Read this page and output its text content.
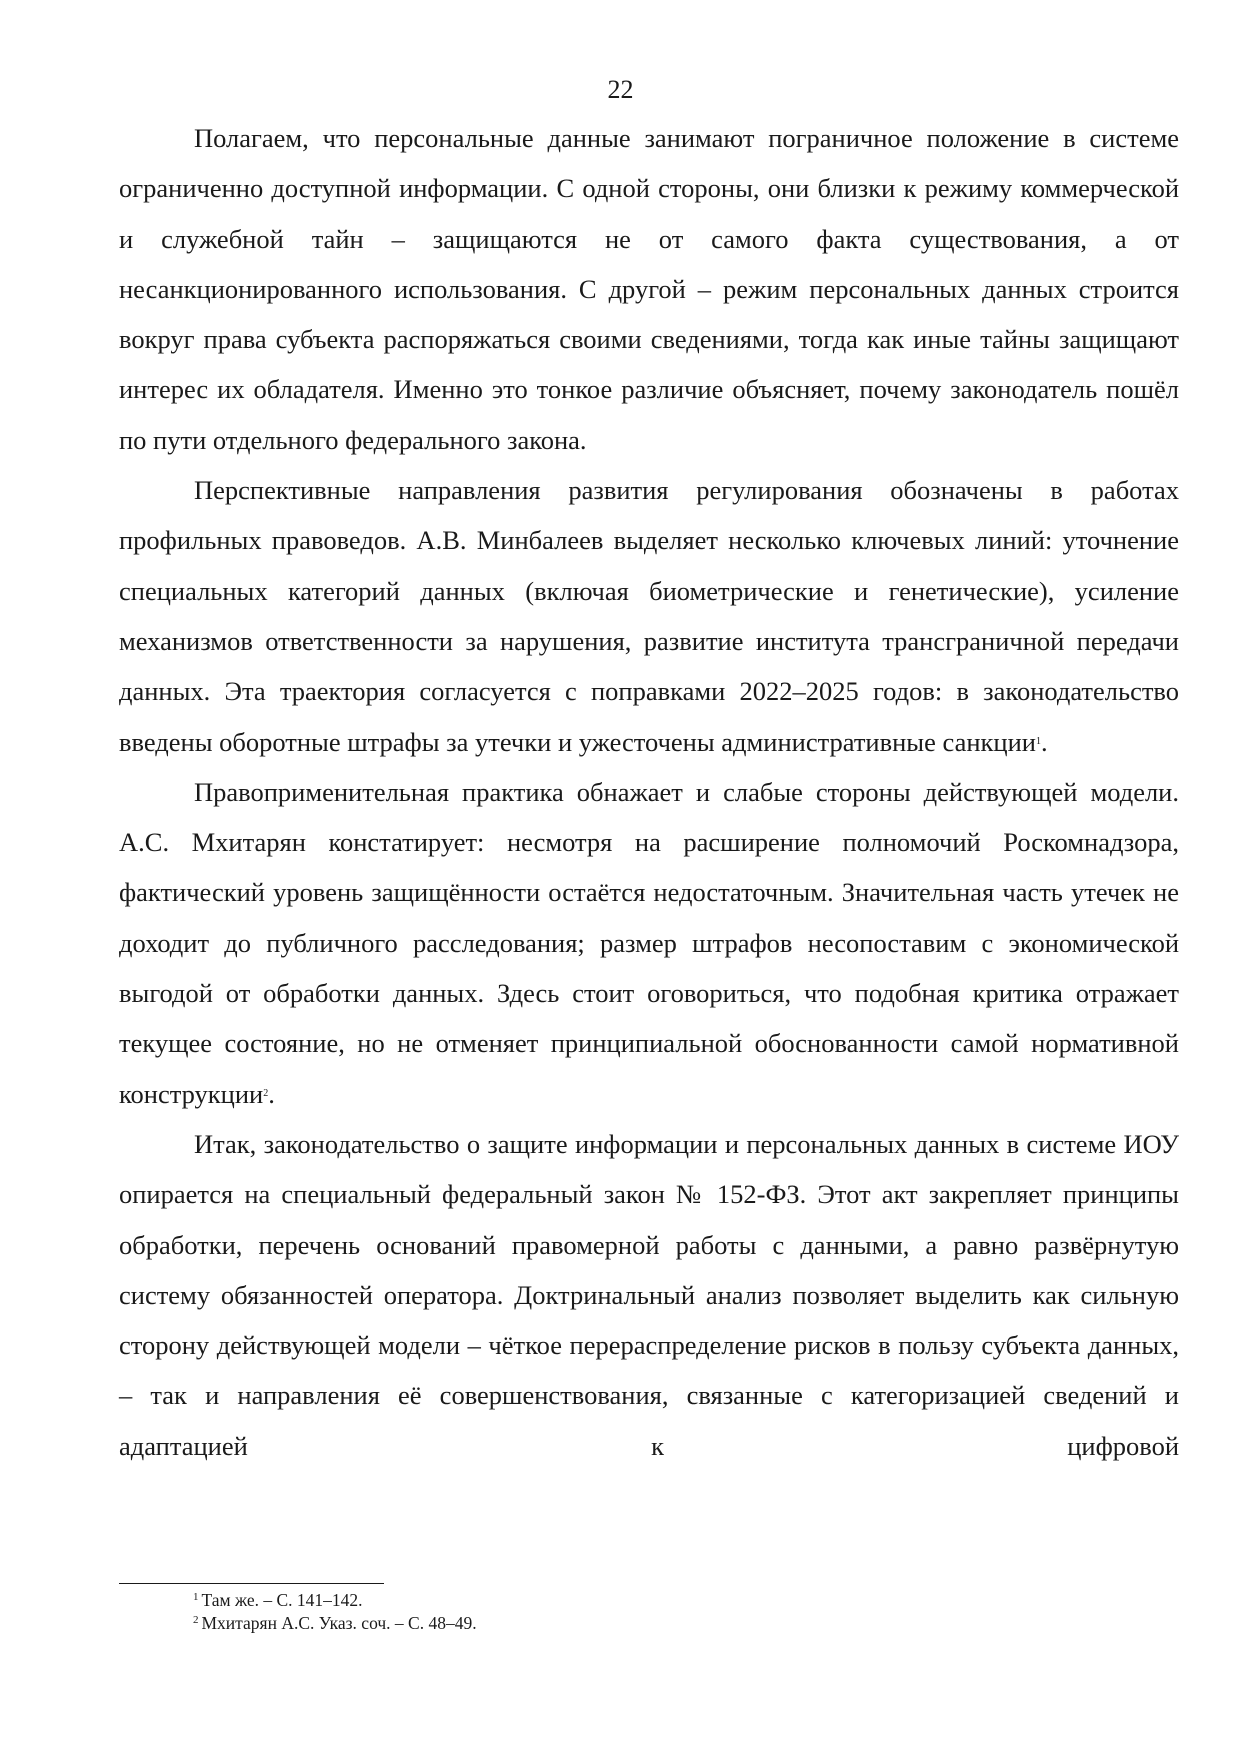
22

Полагаем, что персональные данные занимают пограничное положение в системе ограниченно доступной информации. С одной стороны, они близки к режиму коммерческой и служебной тайн – защищаются не от самого факта существования, а от несанкционированного использования. С другой – режим персональных данных строится вокруг права субъекта распоряжаться своими сведениями, тогда как иные тайны защищают интерес их обладателя. Именно это тонкое различие объясняет, почему законодатель пошёл по пути отдельного федерального закона.

Перспективные направления развития регулирования обозначены в работах профильных правоведов. А.В. Минбалеев выделяет несколько ключевых линий: уточнение специальных категорий данных (включая биометрические и генетические), усиление механизмов ответственности за нарушения, развитие института трансграничной передачи данных. Эта траектория согласуется с поправками 2022–2025 годов: в законодательство введены оборотные штрафы за утечки и ужесточены административные санкции$^1$.

Правоприменительная практика обнажает и слабые стороны действующей модели. А.С. Мхитарян констатирует: несмотря на расширение полномочий Роскомнадзора, фактический уровень защищённости остаётся недостаточным. Значительная часть утечек не доходит до публичного расследования; размер штрафов несопоставим с экономической выгодой от обработки данных. Здесь стоит оговориться, что подобная критика отражает текущее состояние, но не отменяет принципиальной обоснованности самой нормативной конструкции$^2$.

Итак, законодательство о защите информации и персональных данных в системе ИОУ опирается на специальный федеральный закон № 152-ФЗ. Этот акт закрепляет принципы обработки, перечень оснований правомерной работы с данными, а равно развёрнутую систему обязанностей оператора. Доктринальный анализ позволяет выделить как сильную сторону действующей модели – чёткое перераспределение рисков в пользу субъекта данных, – так и направления её совершенствования, связанные с категоризацией сведений и адаптацией к цифровой

$^1$ Там же. – С. 141–142.

$^2$ Мхитарян А.С. Указ. соч. – С. 48–49.
